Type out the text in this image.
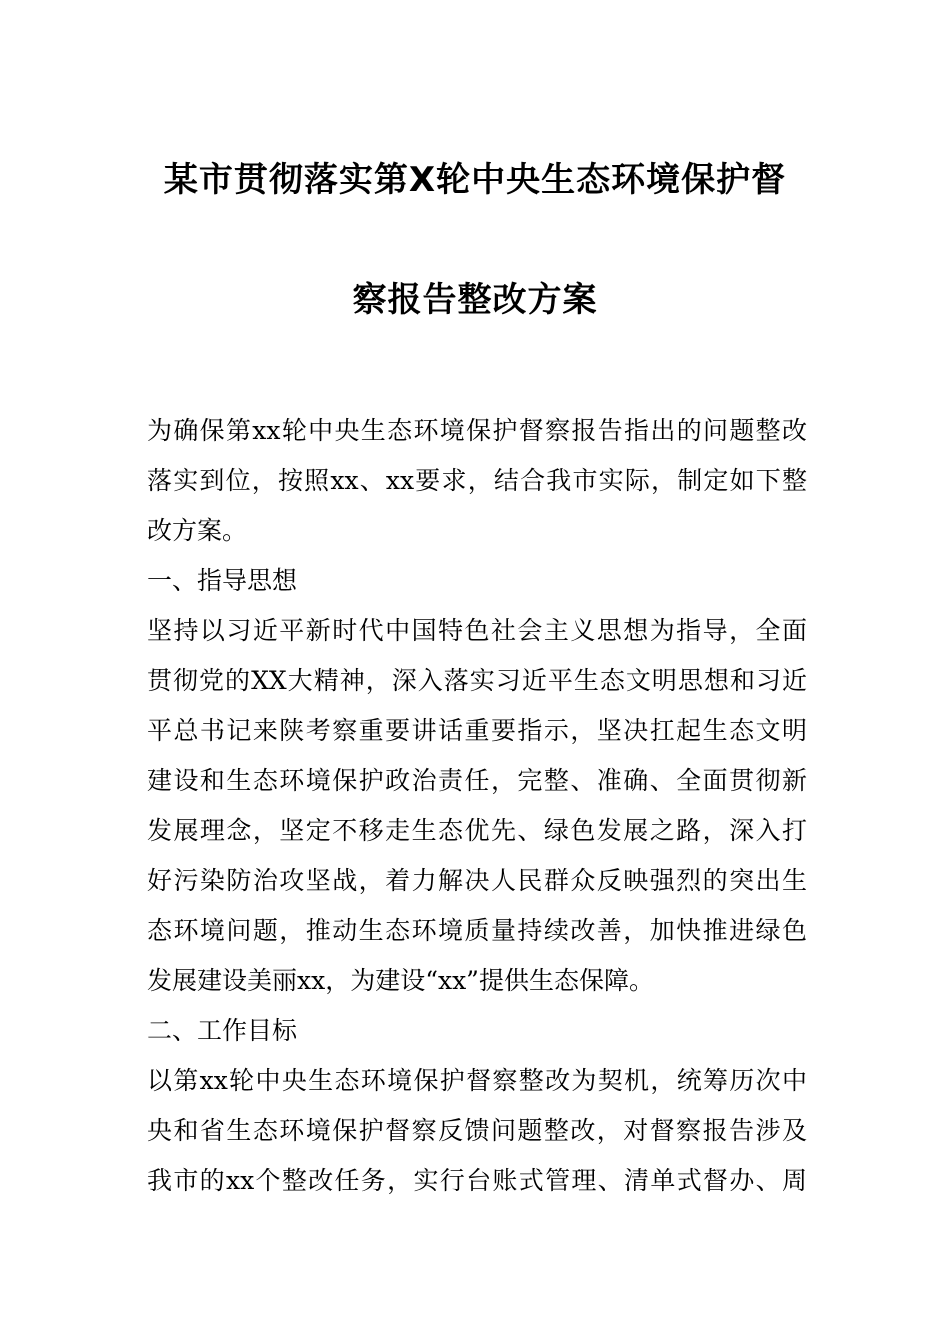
某市贯彻落实第X轮中央生态环境保护督
察报告整改方案
为确保第xx轮中央生态环境保护督察报告指出的问题整改
落实到位，按照xx、xx要求，结合我市实际，制定如下整
改方案。
一、指导思想
坚持以习近平新时代中国特色社会主义思想为指导，全面
贯彻党的XX大精神，深入落实习近平生态文明思想和习近
平总书记来陕考察重要讲话重要指示，坚决扛起生态文明
建设和生态环境保护政治责任，完整、准确、全面贯彻新
发展理念，坚定不移走生态优先、绿色发展之路，深入打
好污染防治攻坚战，着力解决人民群众反映强烈的突出生
态环境问题，推动生态环境质量持续改善，加快推进绿色
发展建设美丽xx，为建设“xx”提供生态保障。
二、工作目标
以第xx轮中央生态环境保护督察整改为契机，统筹历次中
央和省生态环境保护督察反馈问题整改，对督察报告涉及
我市的xx个整改任务，实行台账式管理、清单式督办、周
